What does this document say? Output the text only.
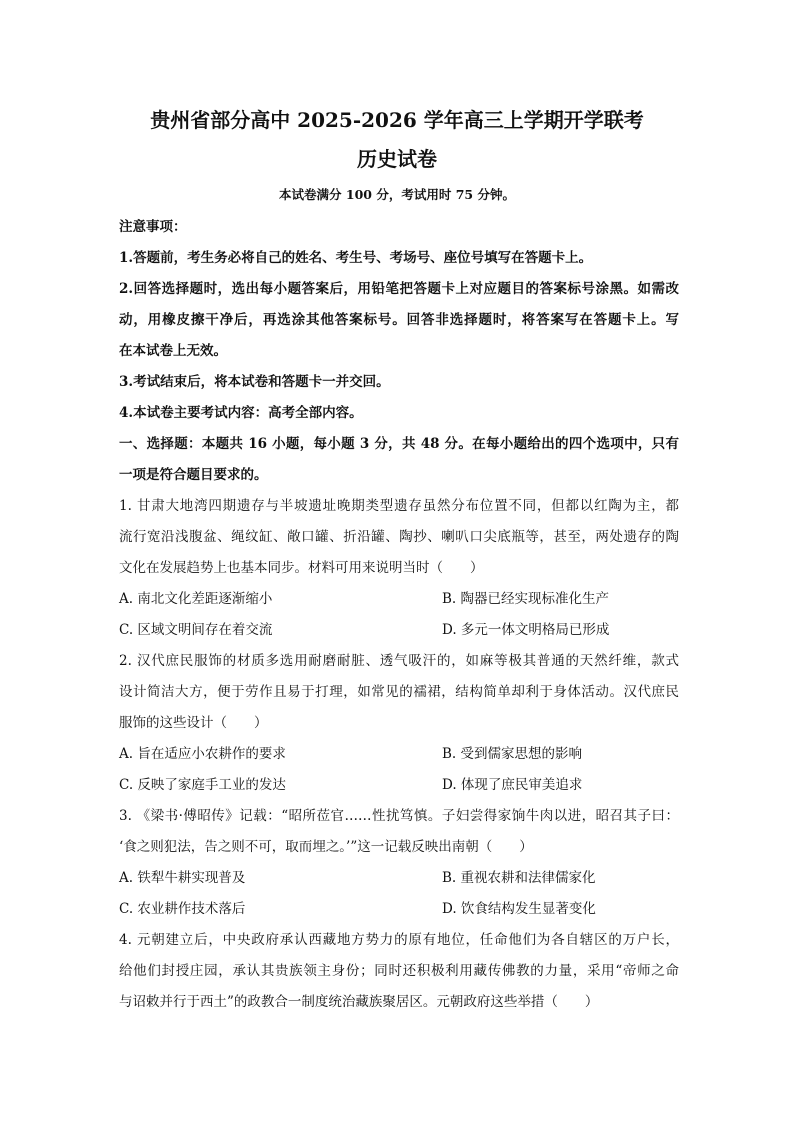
贵州省部分高中 2025-2026 学年高三上学期开学联考
历史试卷
本试卷满分 100 分，考试用时 75 分钟。
注意事项：
1.答题前，考生务必将自己的姓名、考生号、考场号、座位号填写在答题卡上。
2.回答选择题时，选出每小题答案后，用铅笔把答题卡上对应题目的答案标号涂黑。如需改
动，用橡皮擦干净后，再选涂其他答案标号。回答非选择题时，将答案写在答题卡上。写
在本试卷上无效。
3.考试结束后，将本试卷和答题卡一并交回。
4.本试卷主要考试内容：高考全部内容。
一、选择题：本题共 16 小题，每小题 3 分，共 48 分。在每小题给出的四个选项中，只有
一项是符合题目要求的。
1. 甘肃大地湾四期遗存与半坡遗址晚期类型遗存虽然分布位置不同，但都以红陶为主，都
流行宽沿浅腹盆、绳纹缸、敞口罐、折沿罐、陶抄、喇叭口尖底瓶等，甚至，两处遗存的陶
文化在发展趋势上也基本同步。材料可用来说明当时（　　）
A. 南北文化差距逐渐缩小	B. 陶器已经实现标准化生产
C. 区域文明间存在着交流	D. 多元一体文明格局已形成
2. 汉代庶民服饰的材质多选用耐磨耐脏、透气吸汗的，如麻等极其普通的天然纤维，款式
设计简洁大方，便于劳作且易于打理，如常见的襦裙，结构简单却利于身体活动。汉代庶民
服饰的这些设计（　　）
A. 旨在适应小农耕作的要求	B. 受到儒家思想的影响
C. 反映了家庭手工业的发达	D. 体现了庶民审美追求
3. 《梁书·傅昭传》记载：“昭所莅官……性扰笃慎。子妇尝得家饷牛肉以进，昭召其子曰：
‘食之则犯法，告之则不可，取而埋之。’”这一记载反映出南朝（　　）
A. 铁犁牛耕实现普及	B. 重视农耕和法律儒家化
C. 农业耕作技术落后	D. 饮食结构发生显著变化
4. 元朝建立后，中央政府承认西藏地方势力的原有地位，任命他们为各自辖区的万户长，
给他们封授庄园，承认其贵族领主身份；同时还积极利用藏传佛教的力量，采用“帝师之命
与诏敕并行于西土”的政教合一制度统治藏族聚居区。元朝政府这些举措（　　）
